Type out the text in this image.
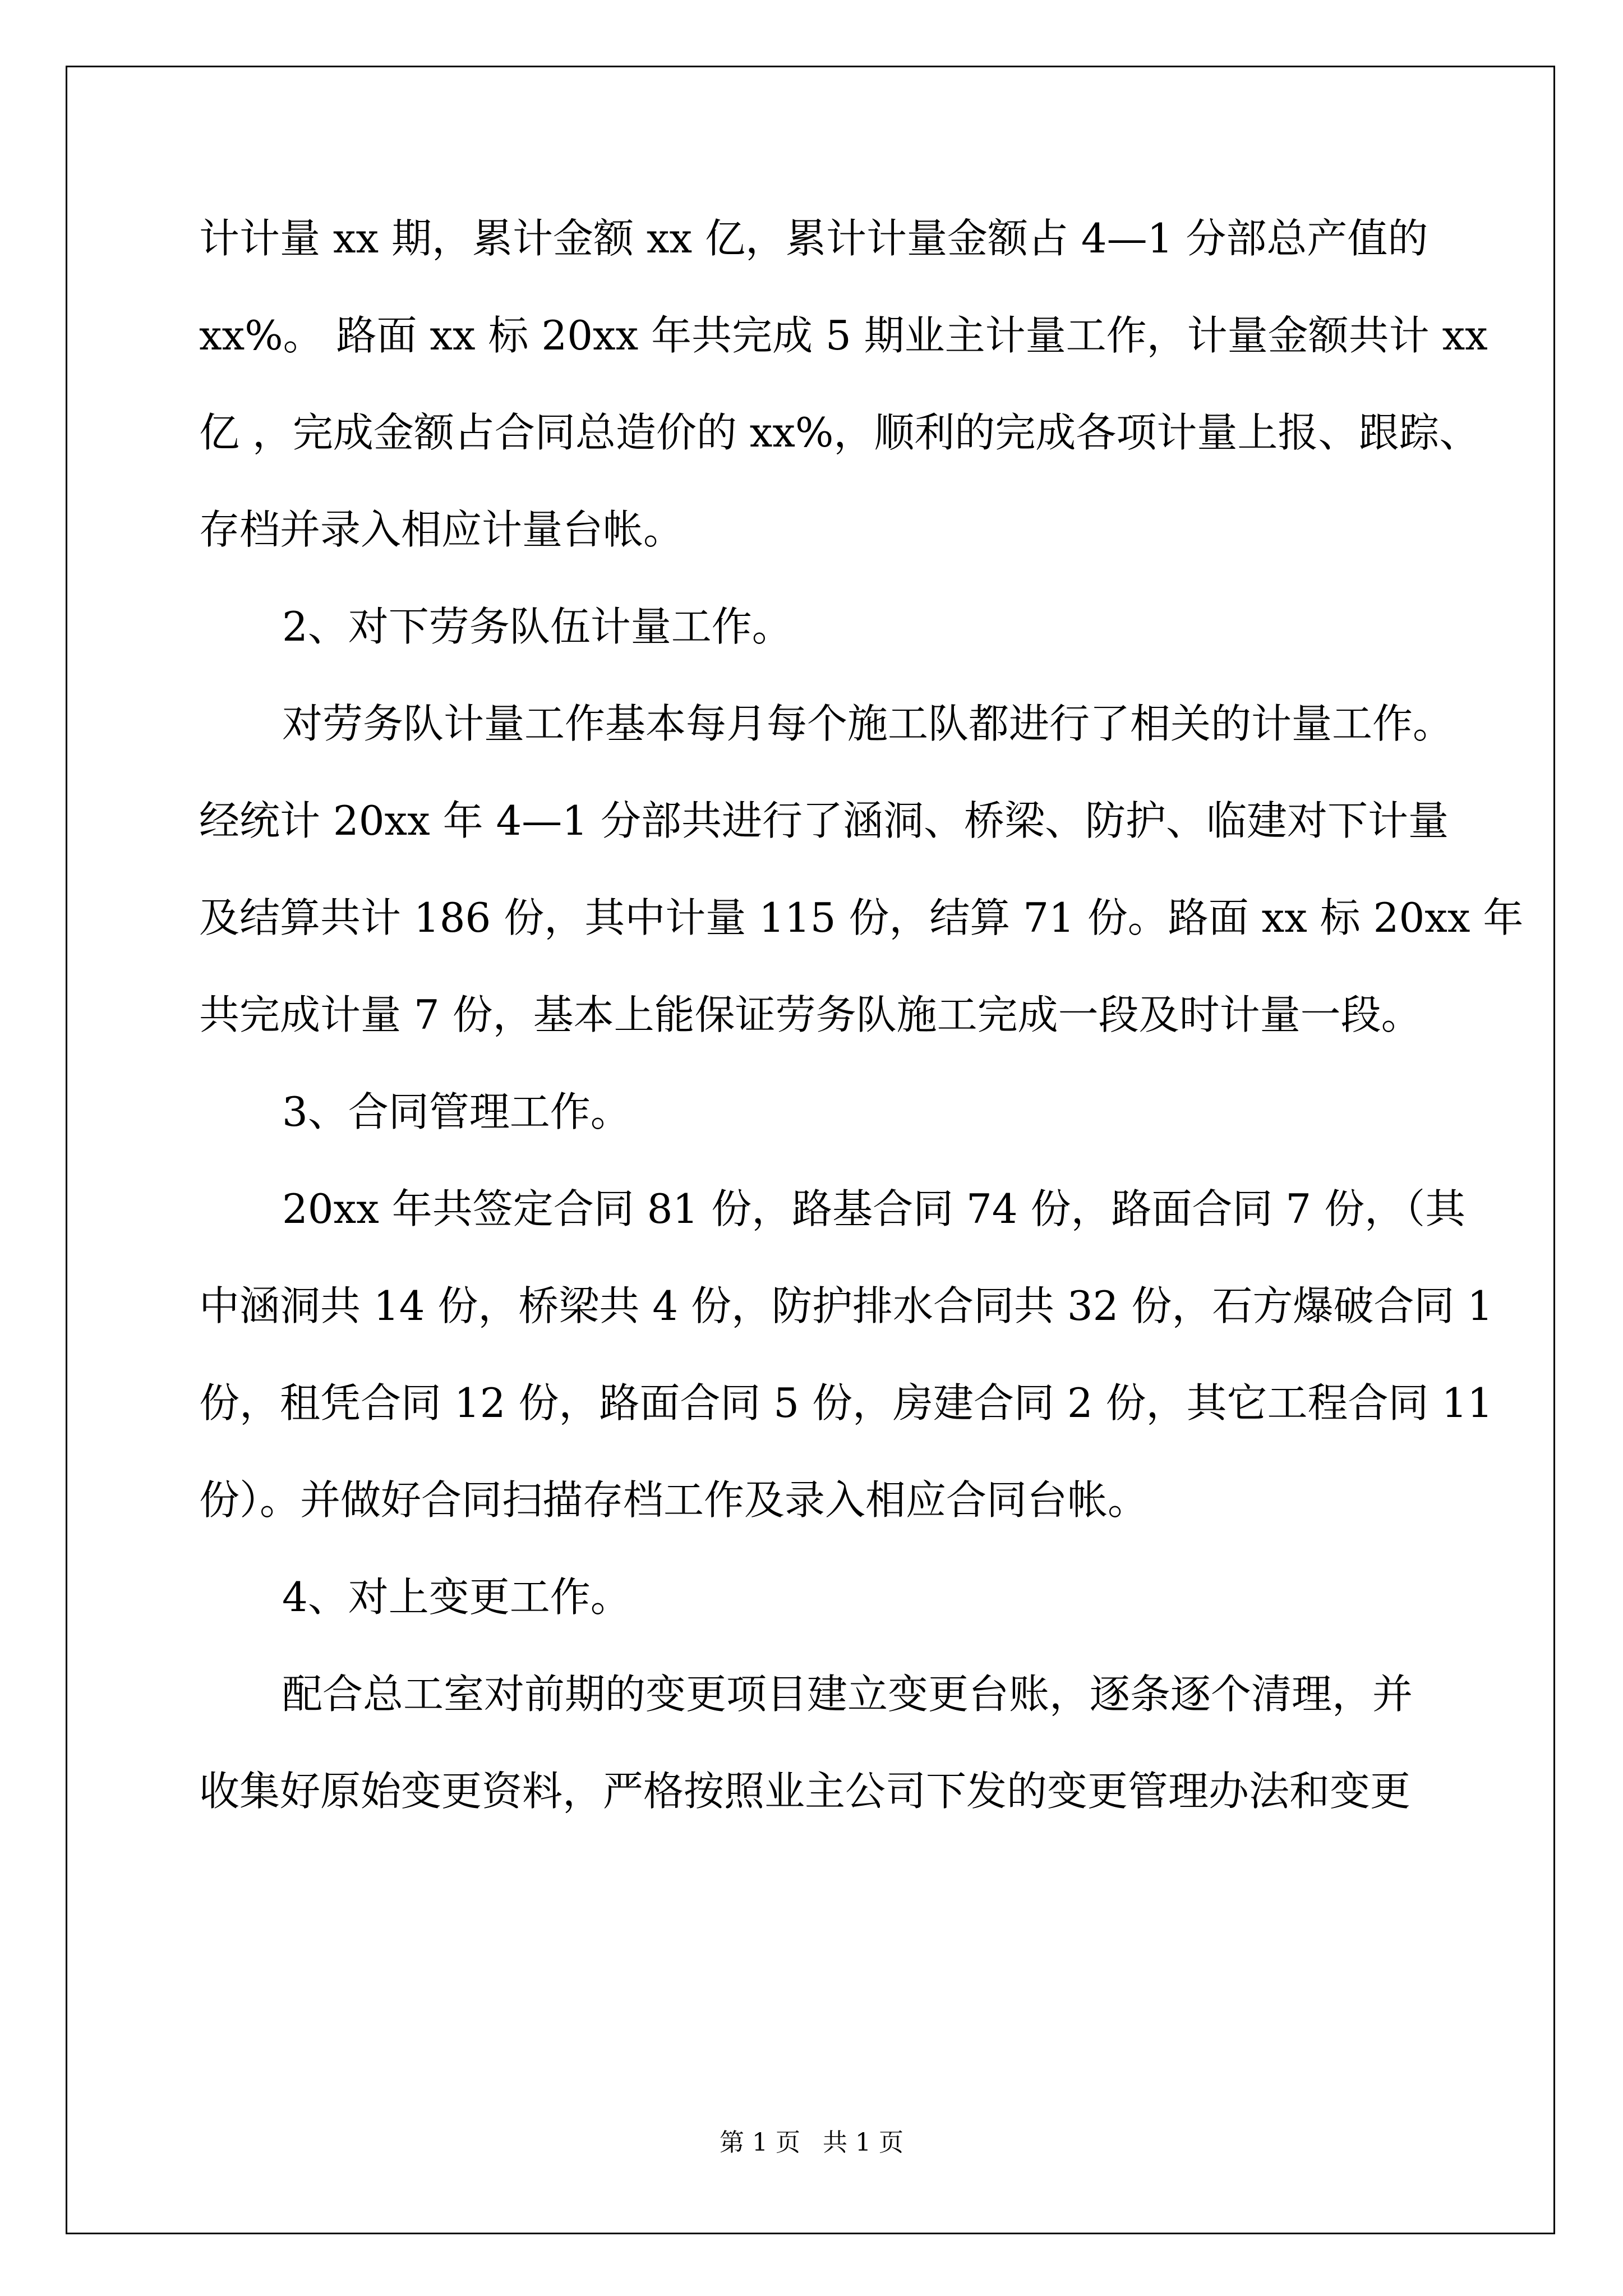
计计量 xx 期，累计金额 xx 亿，累计计量金额占 4—1 分部总产值的
xx%。 路面 xx 标 20xx 年共完成 5 期业主计量工作，计量金额共计 xx
亿 ，完成金额占合同总造价的 xx%，顺利的完成各项计量上报、跟踪、
存档并录入相应计量台帐。
2、对下劳务队伍计量工作。
对劳务队计量工作基本每月每个施工队都进行了相关的计量工作。
经统计 20xx 年 4—1 分部共进行了涵洞、桥梁、防护、临建对下计量
及结算共计 186 份，其中计量 115 份，结算 71 份。路面 xx 标 20xx 年
共完成计量 7 份，基本上能保证劳务队施工完成一段及时计量一段。
3、合同管理工作。
20xx 年共签定合同 81 份，路基合同 74 份，路面合同 7 份，（其
中涵洞共 14 份，桥梁共 4 份，防护排水合同共 32 份，石方爆破合同 1
份，租凭合同 12 份，路面合同 5 份，房建合同 2 份，其它工程合同 11
份）。并做好合同扫描存档工作及录入相应合同台帐。
4、对上变更工作。
配合总工室对前期的变更项目建立变更台账，逐条逐个清理，并
收集好原始变更资料，严格按照业主公司下发的变更管理办法和变更
第 1 页 共 1 页
